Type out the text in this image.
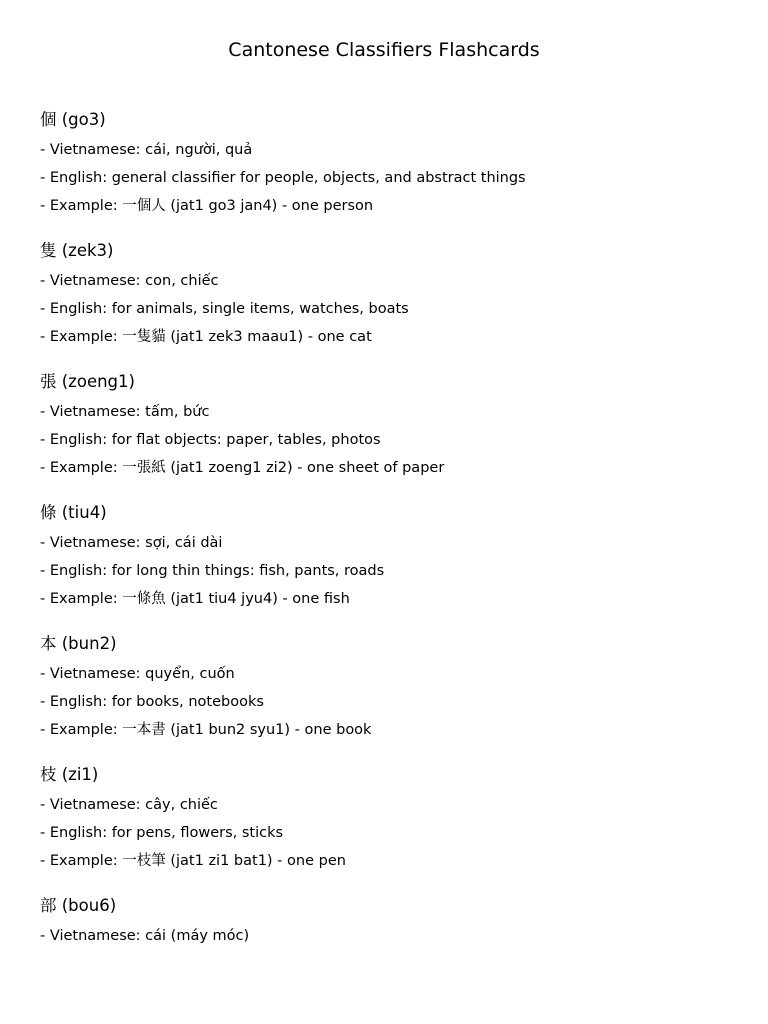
Cantonese Classifiers Flashcards
個 (go3)
- Vietnamese: cái, người, quả
- English: general classifier for people, objects, and abstract things
- Example: 一個人 (jat1 go3 jan4) - one person
隻 (zek3)
- Vietnamese: con, chiếc
- English: for animals, single items, watches, boats
- Example: 一隻貓 (jat1 zek3 maau1) - one cat
張 (zoeng1)
- Vietnamese: tấm, bức
- English: for flat objects: paper, tables, photos
- Example: 一張紙 (jat1 zoeng1 zi2) - one sheet of paper
條 (tiu4)
- Vietnamese: sợi, cái dài
- English: for long thin things: fish, pants, roads
- Example: 一條魚 (jat1 tiu4 jyu4) - one fish
本 (bun2)
- Vietnamese: quyển, cuốn
- English: for books, notebooks
- Example: 一本書 (jat1 bun2 syu1) - one book
枝 (zi1)
- Vietnamese: cây, chiếc
- English: for pens, flowers, sticks
- Example: 一枝筆 (jat1 zi1 bat1) - one pen
部 (bou6)
- Vietnamese: cái (máy móc)
